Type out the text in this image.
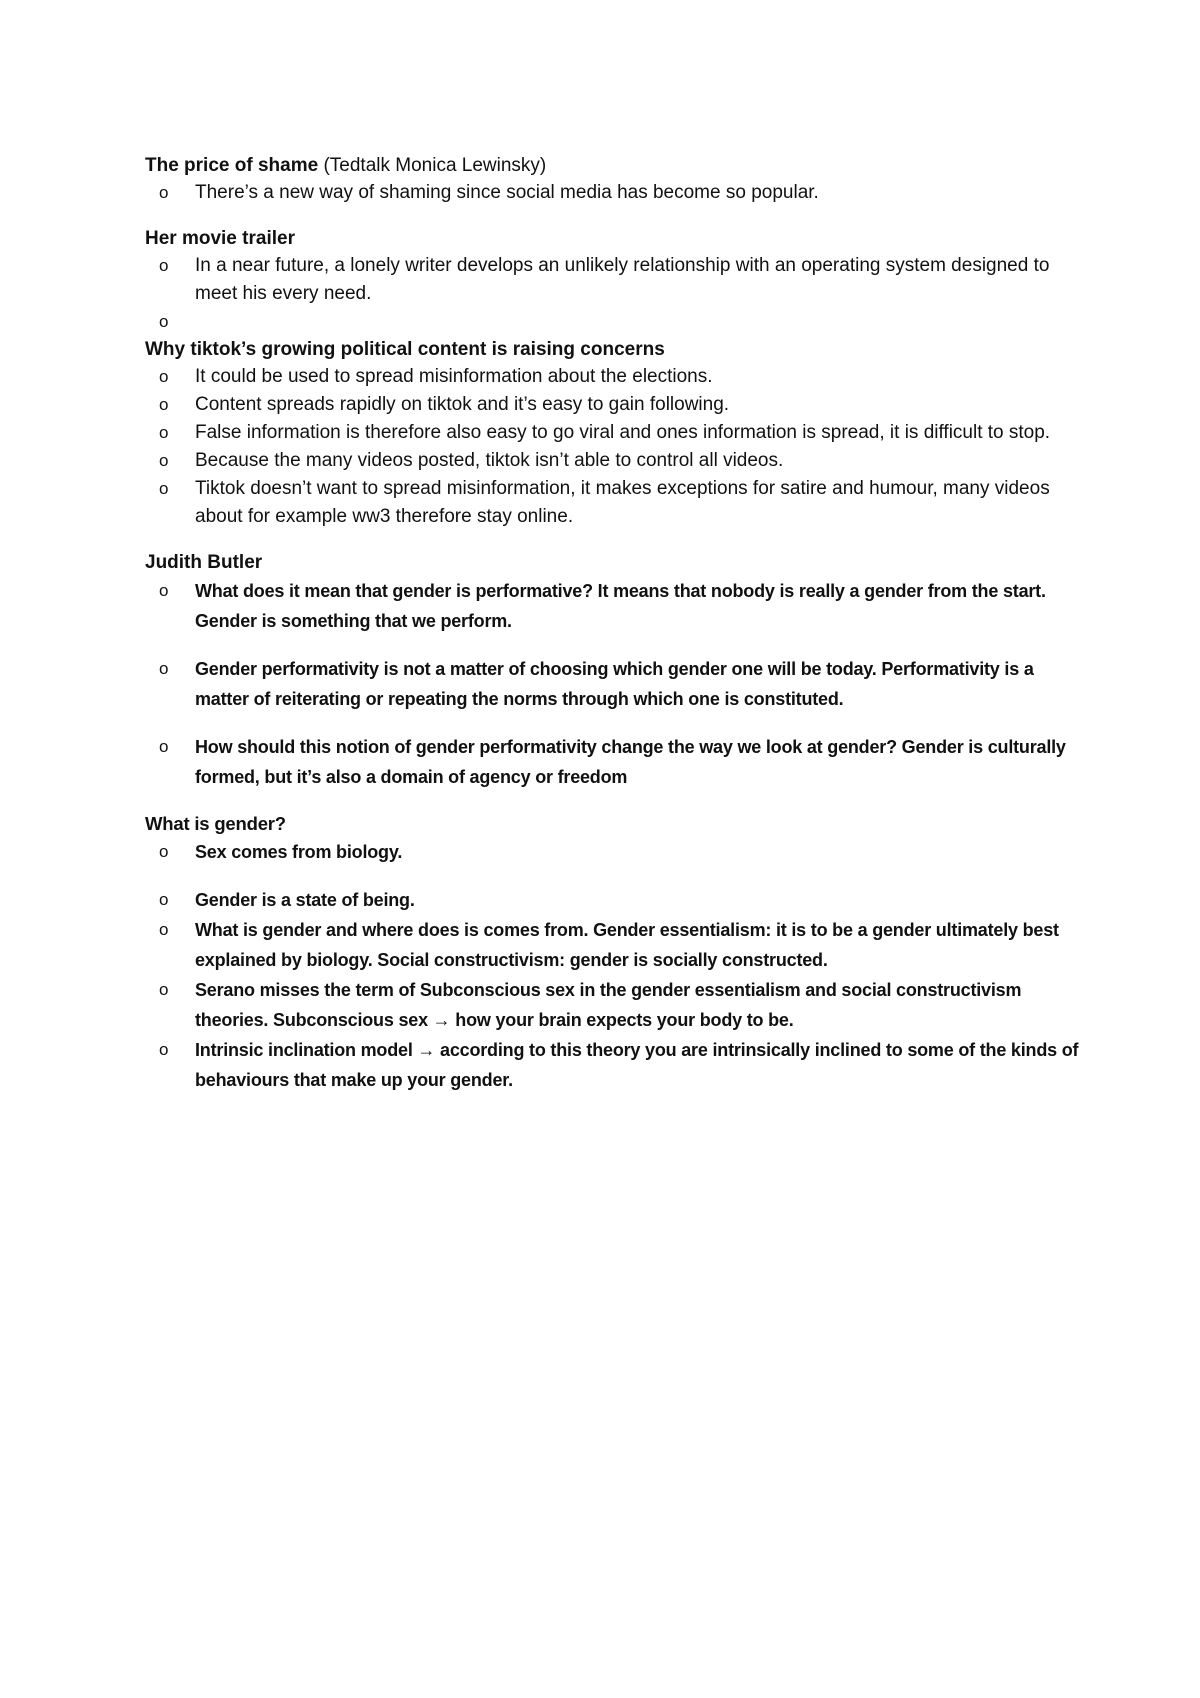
The price of shame (Tedtalk Monica Lewinsky)

o There’s a new way of shaming since social media has become so popular.

Her movie trailer

o In a near future, a lonely writer develops an unlikely relationship with an operating system designed to meet his every need.
o

Why tiktok’s growing political content is raising concerns

o It could be used to spread misinformation about the elections.
o Content spreads rapidly on tiktok and it’s easy to gain following.
o False information is therefore also easy to go viral and ones information is spread, it is difficult to stop.
o Because the many videos posted, tiktok isn’t able to control all videos.
o Tiktok doesn’t want to spread misinformation, it makes exceptions for satire and humour, many videos about for example ww3 therefore stay online.

Judith Butler

o What does it mean that gender is performative? It means that nobody is really a gender from the start. Gender is something that we perform.
o Gender performativity is not a matter of choosing which gender one will be today. Performativity is a matter of reiterating or repeating the norms through which one is constituted.
o How should this notion of gender performativity change the way we look at gender? Gender is culturally formed, but it’s also a domain of agency or freedom

What is gender?

o Sex comes from biology.
o Gender is a state of being.
o What is gender and where does is comes from. Gender essentialism: it is to be a gender ultimately best explained by biology. Social constructivism: gender is socially constructed.
o Serano misses the term of Subconscious sex in the gender essentialism and social constructivism theories. Subconscious sex → how your brain expects your body to be.
o Intrinsic inclination model → according to this theory you are intrinsically inclined to some of the kinds of behaviours that make up your gender.
